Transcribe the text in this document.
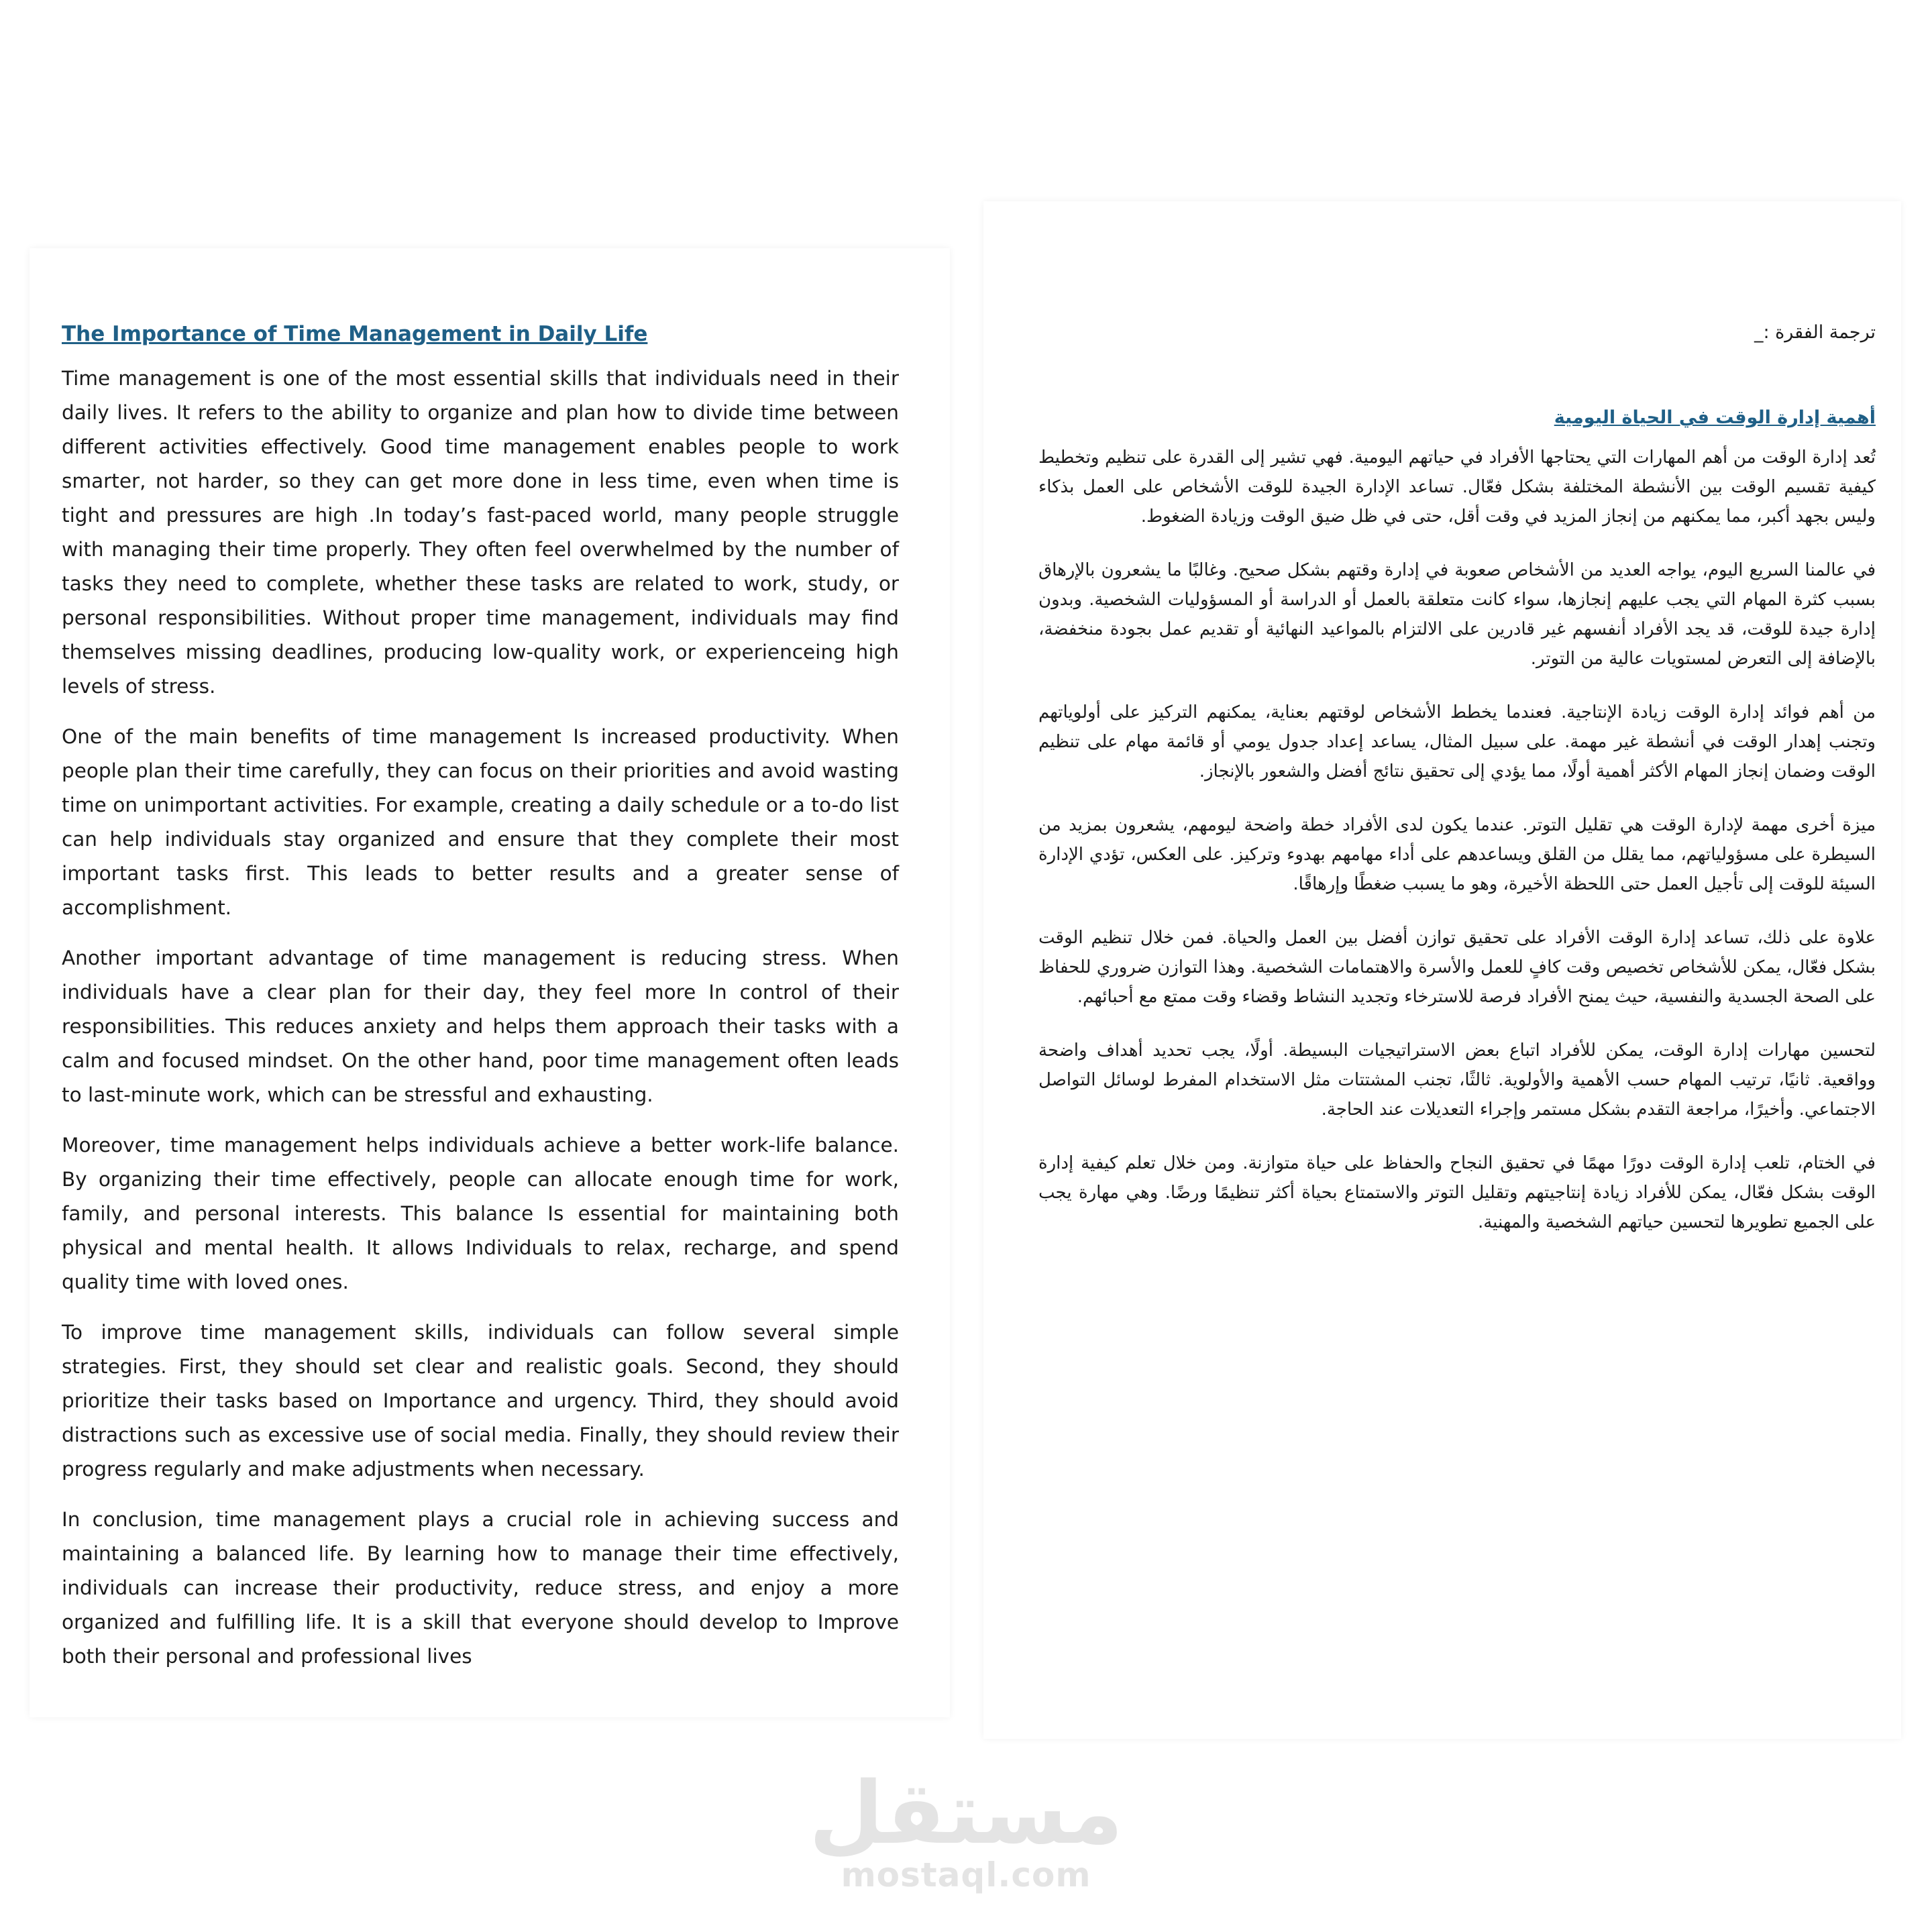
The Importance of Time Management in Daily Life

Time management is one of the most essential skills that individuals need in their daily lives. It refers to the ability to organize and plan how to divide time between different activities effectively. Good time management enables people to work smarter, not harder, so they can get more done in less time, even when time is tight and pressures are high .In today’s fast-paced world, many people struggle with managing their time properly. They often feel overwhelmed by the number of tasks they need to complete, whether these tasks are related to work, study, or personal responsibilities. Without proper time management, individuals may find themselves missing deadlines, producing low-quality work, or experienceing high levels of stress.

One of the main benefits of time management Is increased productivity. When people plan their time carefully, they can focus on their priorities and avoid wasting time on unimportant activities. For example, creating a daily schedule or a to-do list can help individuals stay organized and ensure that they complete their most important tasks first. This leads to better results and a greater sense of accomplishment.

Another important advantage of time management is reducing stress. When individuals have a clear plan for their day, they feel more In control of their responsibilities. This reduces anxiety and helps them approach their tasks with a calm and focused mindset. On the other hand, poor time management often leads to last-minute work, which can be stressful and exhausting.

Moreover, time management helps individuals achieve a better work-life balance. By organizing their time effectively, people can allocate enough time for work, family, and personal interests. This balance Is essential for maintaining both physical and mental health. It allows Individuals to relax, recharge, and spend quality time with loved ones.

To improve time management skills, individuals can follow several simple strategies. First, they should set clear and realistic goals. Second, they should prioritize their tasks based on Importance and urgency. Third, they should avoid distractions such as excessive use of social media. Finally, they should review their progress regularly and make adjustments when necessary.

In conclusion, time management plays a crucial role in achieving success and maintaining a balanced life. By learning how to manage their time effectively, individuals can increase their productivity, reduce stress, and enjoy a more organized and fulfilling life. It is a skill that everyone should develop to Improve both their personal and professional lives

ترجمة الفقرة :_
أهمية إدارة الوقت في الحياة اليومية

تُعد إدارة الوقت من أهم المهارات التي يحتاجها الأفراد في حياتهم اليومية. فهي تشير إلى القدرة على تنظيم وتخطيط كيفية تقسيم الوقت بين الأنشطة المختلفة بشكل فعّال. تساعد الإدارة الجيدة للوقت الأشخاص على العمل بذكاء وليس بجهد أكبر، مما يمكنهم من إنجاز المزيد في وقت أقل، حتى في ظل ضيق الوقت وزيادة الضغوط.

في عالمنا السريع اليوم، يواجه العديد من الأشخاص صعوبة في إدارة وقتهم بشكل صحيح. وغالبًا ما يشعرون بالإرهاق بسبب كثرة المهام التي يجب عليهم إنجازها، سواء كانت متعلقة بالعمل أو الدراسة أو المسؤوليات الشخصية. وبدون إدارة جيدة للوقت، قد يجد الأفراد أنفسهم غير قادرين على الالتزام بالمواعيد النهائية أو تقديم عمل بجودة منخفضة، بالإضافة إلى التعرض لمستويات عالية من التوتر.

من أهم فوائد إدارة الوقت زيادة الإنتاجية. فعندما يخطط الأشخاص لوقتهم بعناية، يمكنهم التركيز على أولوياتهم وتجنب إهدار الوقت في أنشطة غير مهمة. على سبيل المثال، يساعد إعداد جدول يومي أو قائمة مهام على تنظيم الوقت وضمان إنجاز المهام الأكثر أهمية أولًا، مما يؤدي إلى تحقيق نتائج أفضل والشعور بالإنجاز.

ميزة أخرى مهمة لإدارة الوقت هي تقليل التوتر. عندما يكون لدى الأفراد خطة واضحة ليومهم، يشعرون بمزيد من السيطرة على مسؤولياتهم، مما يقلل من القلق ويساعدهم على أداء مهامهم بهدوء وتركيز. على العكس، تؤدي الإدارة السيئة للوقت إلى تأجيل العمل حتى اللحظة الأخيرة، وهو ما يسبب ضغطًا وإرهاقًا.

علاوة على ذلك، تساعد إدارة الوقت الأفراد على تحقيق توازن أفضل بين العمل والحياة. فمن خلال تنظيم الوقت بشكل فعّال، يمكن للأشخاص تخصيص وقت كافٍ للعمل والأسرة والاهتمامات الشخصية. وهذا التوازن ضروري للحفاظ على الصحة الجسدية والنفسية، حيث يمنح الأفراد فرصة للاسترخاء وتجديد النشاط وقضاء وقت ممتع مع أحبائهم.

لتحسين مهارات إدارة الوقت، يمكن للأفراد اتباع بعض الاستراتيجيات البسيطة. أولًا، يجب تحديد أهداف واضحة وواقعية. ثانيًا، ترتيب المهام حسب الأهمية والأولوية. ثالثًا، تجنب المشتتات مثل الاستخدام المفرط لوسائل التواصل الاجتماعي. وأخيرًا، مراجعة التقدم بشكل مستمر وإجراء التعديلات عند الحاجة.

في الختام، تلعب إدارة الوقت دورًا مهمًا في تحقيق النجاح والحفاظ على حياة متوازنة. ومن خلال تعلم كيفية إدارة الوقت بشكل فعّال، يمكن للأفراد زيادة إنتاجيتهم وتقليل التوتر والاستمتاع بحياة أكثر تنظيمًا ورضًا. وهي مهارة يجب على الجميع تطويرها لتحسين حياتهم الشخصية والمهنية.

مستقل
mostaql.com
